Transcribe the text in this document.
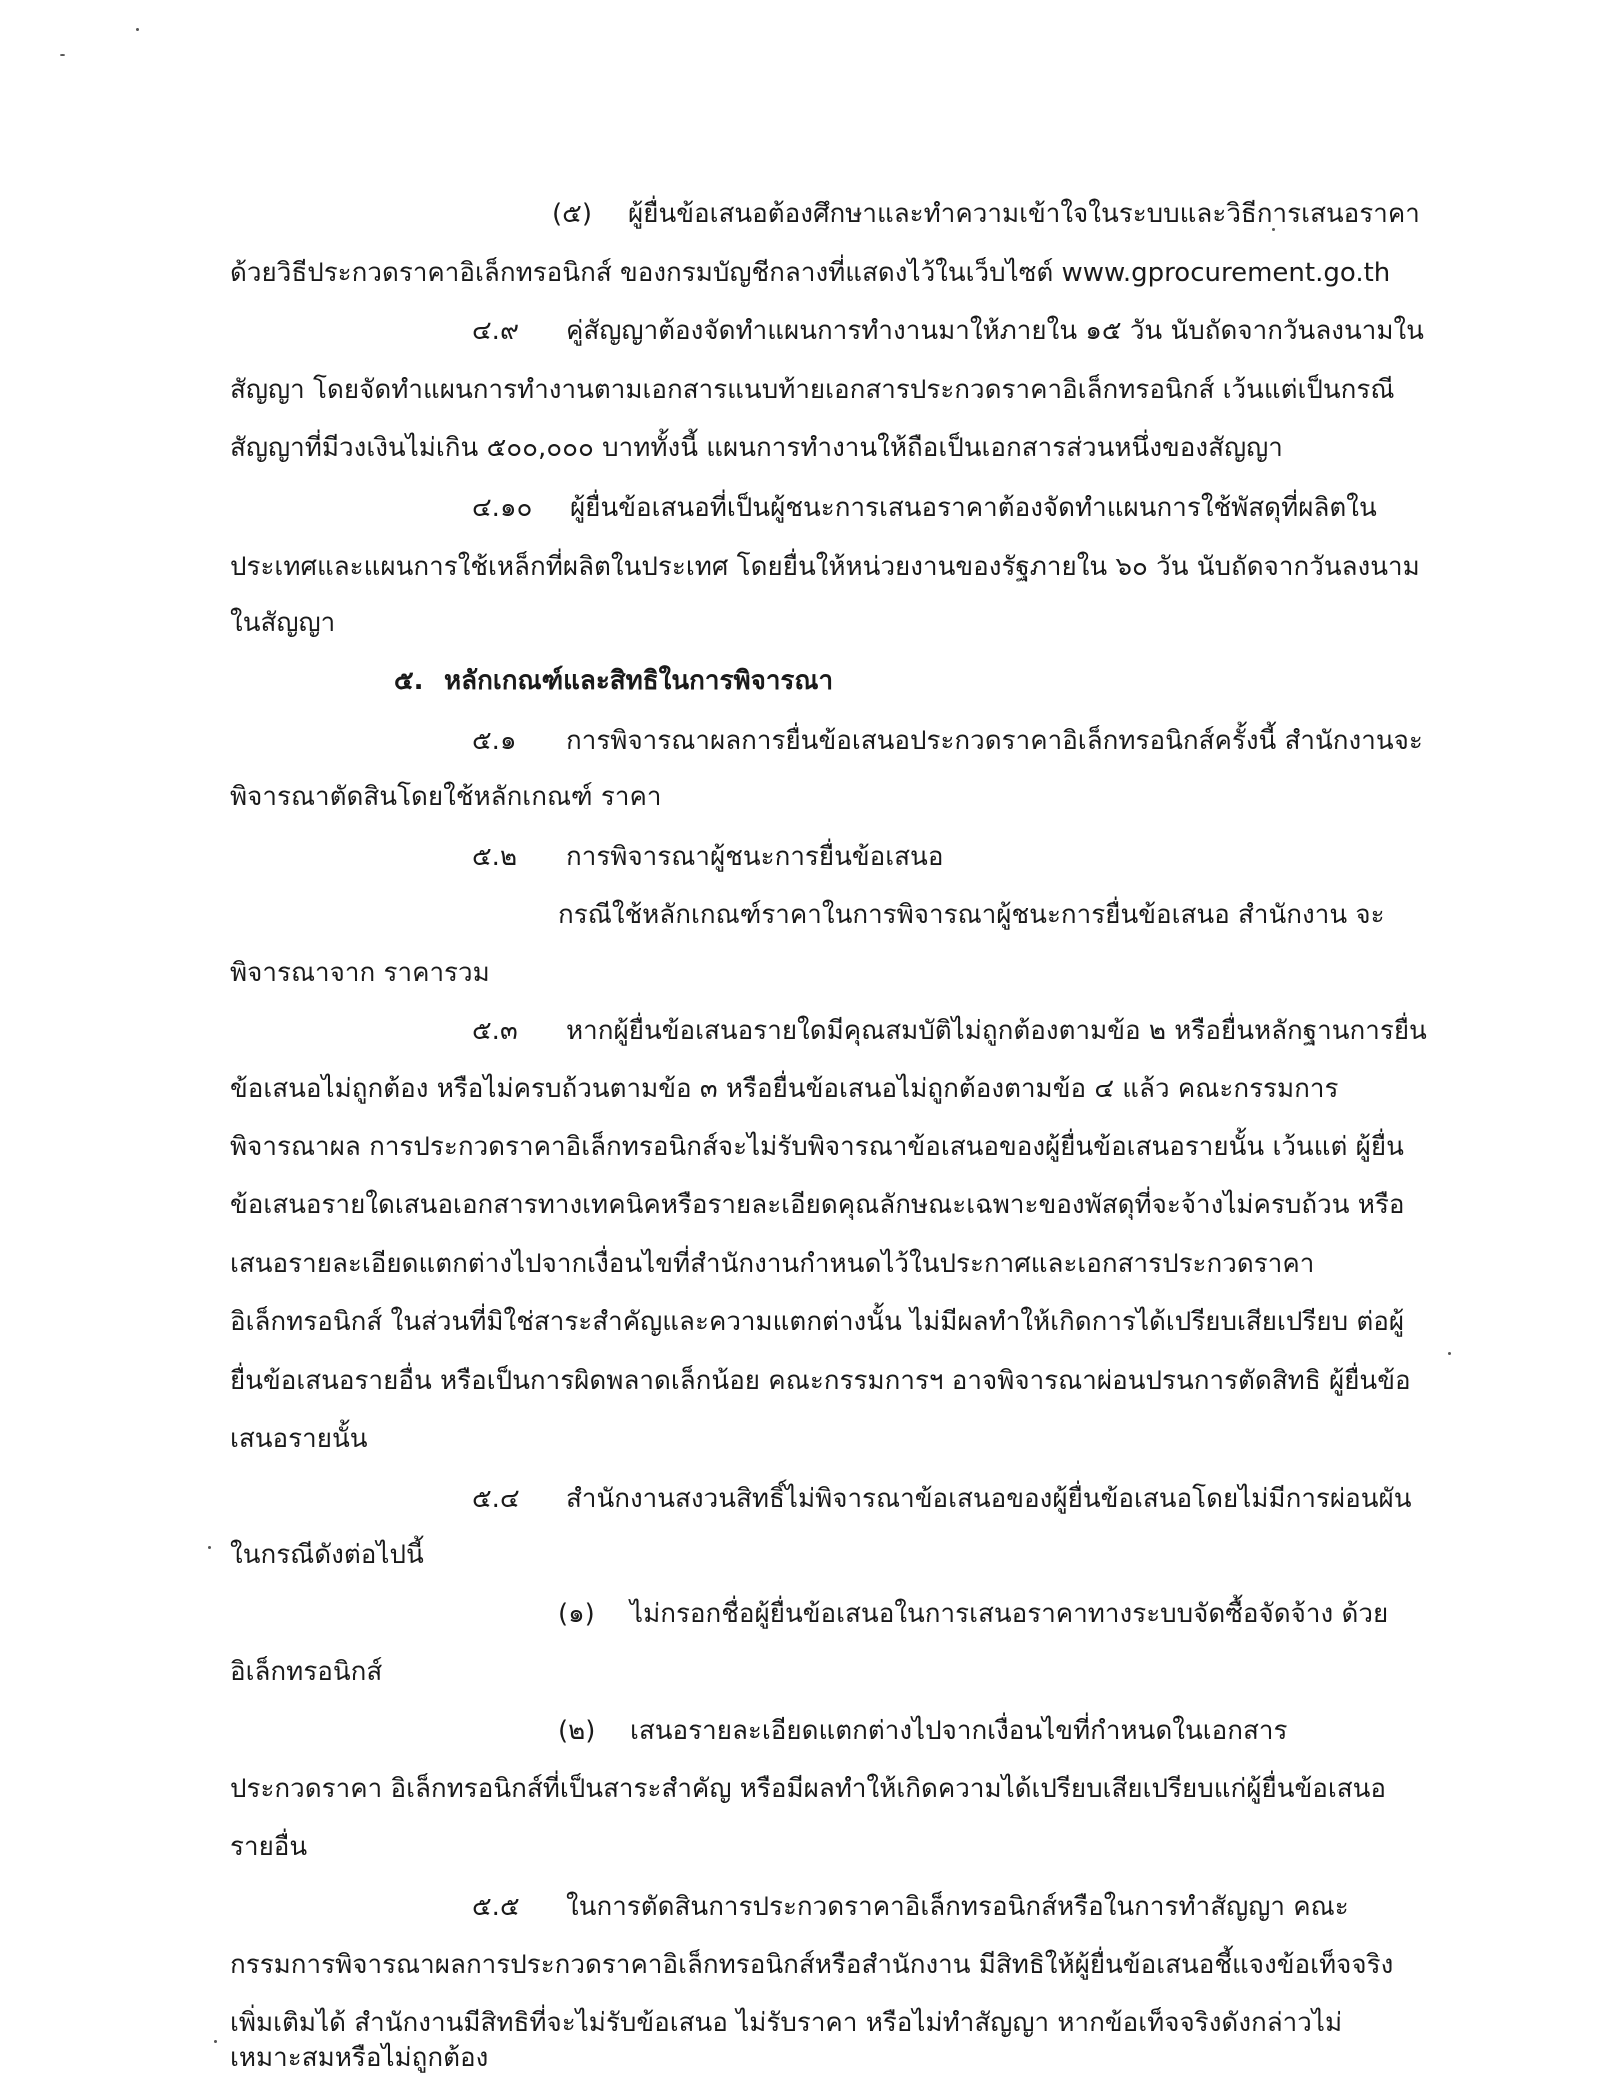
(๕) ผู้ยื่นข้อเสนอต้องศึกษาและทำความเข้าใจในระบบและวิธีการเสนอราคา
ด้วยวิธีประกวดราคาอิเล็กทรอนิกส์ ของกรมบัญชีกลางที่แสดงไว้ในเว็บไซต์ www.gprocurement.go.th
๔.๙ คู่สัญญาต้องจัดทำแผนการทำงานมาให้ภายใน ๑๕ วัน นับถัดจากวันลงนามใน
สัญญา โดยจัดทำแผนการทำงานตามเอกสารแนบท้ายเอกสารประกวดราคาอิเล็กทรอนิกส์ เว้นแต่เป็นกรณี
สัญญาที่มีวงเงินไม่เกิน ๕๐๐,๐๐๐ บาททั้งนี้ แผนการทำงานให้ถือเป็นเอกสารส่วนหนึ่งของสัญญา
๔.๑๐ ผู้ยื่นข้อเสนอที่เป็นผู้ชนะการเสนอราคาต้องจัดทำแผนการใช้พัสดุที่ผลิตใน
ประเทศและแผนการใช้เหล็กที่ผลิตในประเทศ โดยยื่นให้หน่วยงานของรัฐภายใน ๖๐ วัน นับถัดจากวันลงนาม
ในสัญญา
๕. หลักเกณฑ์และสิทธิในการพิจารณา
๕.๑ การพิจารณาผลการยื่นข้อเสนอประกวดราคาอิเล็กทรอนิกส์ครั้งนี้ สำนักงานจะ
พิจารณาตัดสินโดยใช้หลักเกณฑ์ ราคา
๕.๒ การพิจารณาผู้ชนะการยื่นข้อเสนอ
กรณีใช้หลักเกณฑ์ราคาในการพิจารณาผู้ชนะการยื่นข้อเสนอ สำนักงาน จะ
พิจารณาจาก ราคารวม
๕.๓ หากผู้ยื่นข้อเสนอรายใดมีคุณสมบัติไม่ถูกต้องตามข้อ ๒ หรือยื่นหลักฐานการยื่น
ข้อเสนอไม่ถูกต้อง หรือไม่ครบถ้วนตามข้อ ๓ หรือยื่นข้อเสนอไม่ถูกต้องตามข้อ ๔ แล้ว คณะกรรมการ
พิจารณาผล การประกวดราคาอิเล็กทรอนิกส์จะไม่รับพิจารณาข้อเสนอของผู้ยื่นข้อเสนอรายนั้น เว้นแต่ ผู้ยื่น
ข้อเสนอรายใดเสนอเอกสารทางเทคนิคหรือรายละเอียดคุณลักษณะเฉพาะของพัสดุที่จะจ้างไม่ครบถ้วน หรือ
เสนอรายละเอียดแตกต่างไปจากเงื่อนไขที่สำนักงานกำหนดไว้ในประกาศและเอกสารประกวดราคา
อิเล็กทรอนิกส์ ในส่วนที่มิใช่สาระสำคัญและความแตกต่างนั้น ไม่มีผลทำให้เกิดการได้เปรียบเสียเปรียบ ต่อผู้
ยื่นข้อเสนอรายอื่น หรือเป็นการผิดพลาดเล็กน้อย คณะกรรมการฯ อาจพิจารณาผ่อนปรนการตัดสิทธิ ผู้ยื่นข้อ
เสนอรายนั้น
๕.๔ สำนักงานสงวนสิทธิ์ไม่พิจารณาข้อเสนอของผู้ยื่นข้อเสนอโดยไม่มีการผ่อนผัน
ในกรณีดังต่อไปนี้
(๑) ไม่กรอกชื่อผู้ยื่นข้อเสนอในการเสนอราคาทางระบบจัดซื้อจัดจ้าง ด้วย
อิเล็กทรอนิกส์
(๒) เสนอรายละเอียดแตกต่างไปจากเงื่อนไขที่กำหนดในเอกสาร
ประกวดราคา อิเล็กทรอนิกส์ที่เป็นสาระสำคัญ หรือมีผลทำให้เกิดความได้เปรียบเสียเปรียบแก่ผู้ยื่นข้อเสนอ
รายอื่น
๕.๕ ในการตัดสินการประกวดราคาอิเล็กทรอนิกส์หรือในการทำสัญญา คณะ
กรรมการพิจารณาผลการประกวดราคาอิเล็กทรอนิกส์หรือสำนักงาน มีสิทธิให้ผู้ยื่นข้อเสนอชี้แจงข้อเท็จจริง
เพิ่มเติมได้ สำนักงานมีสิทธิที่จะไม่รับข้อเสนอ ไม่รับราคา หรือไม่ทำสัญญา หากข้อเท็จจริงดังกล่าวไม่
เหมาะสมหรือไม่ถูกต้อง
